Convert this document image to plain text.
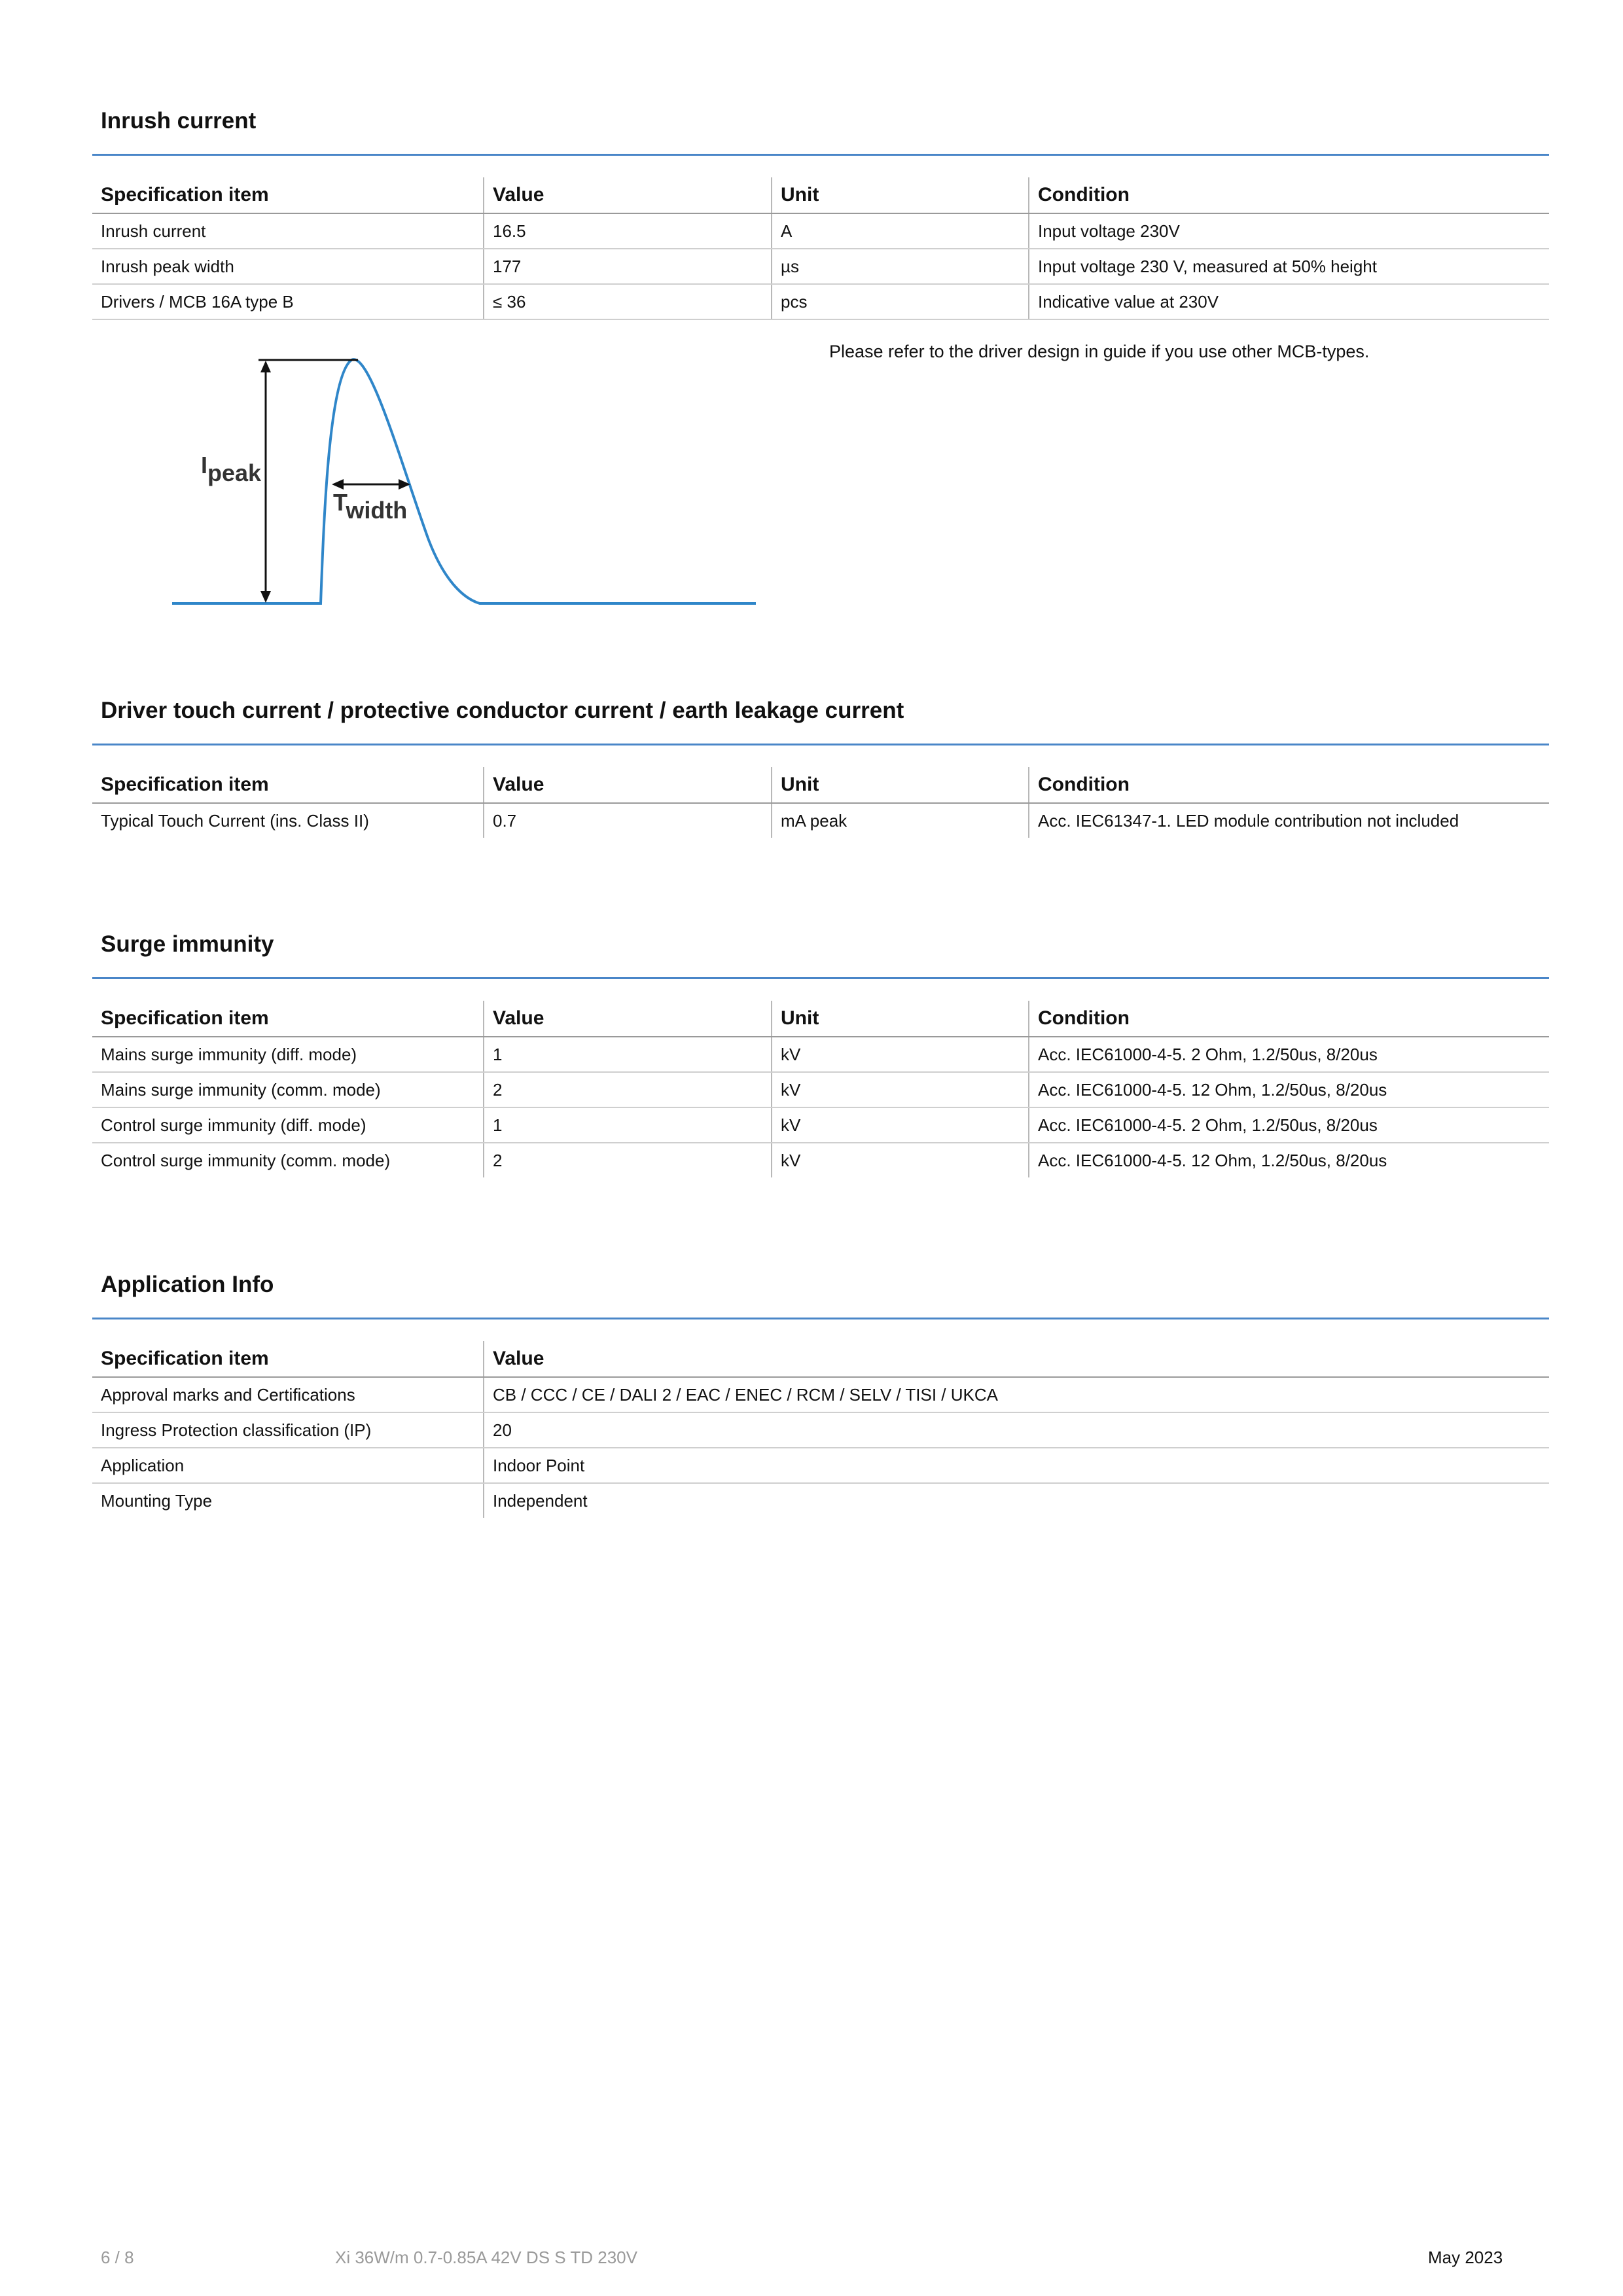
Inrush current
Specification item	Value	Unit	Condition
Inrush current	16.5	A	Input voltage 230V
Inrush peak width	177	µs	Input voltage 230 V, measured at 50% height
Drivers / MCB 16A type B	≤ 36	pcs	Indicative value at 230V
Ipeak
Twidth
Please refer to the driver design in guide if you use other MCB-types.
Driver touch current / protective conductor current / earth leakage current
Specification item	Value	Unit	Condition
Typical Touch Current (ins. Class II)	0.7	mA peak	Acc. IEC61347-1. LED module contribution not included
Surge immunity
Specification item	Value	Unit	Condition
Mains surge immunity (diff. mode)	1	kV	Acc. IEC61000-4-5. 2 Ohm, 1.2/50us, 8/20us
Mains surge immunity (comm. mode)	2	kV	Acc. IEC61000-4-5. 12 Ohm, 1.2/50us, 8/20us
Control surge immunity (diff. mode)	1	kV	Acc. IEC61000-4-5. 2 Ohm, 1.2/50us, 8/20us
Control surge immunity (comm. mode)	2	kV	Acc. IEC61000-4-5. 12 Ohm, 1.2/50us, 8/20us
Application Info
Specification item	Value
Approval marks and Certifications	CB / CCC / CE / DALI 2 / EAC / ENEC / RCM / SELV / TISI / UKCA
Ingress Protection classification (IP)	20
Application	Indoor Point
Mounting Type	Independent
6 / 8	Xi 36W/m 0.7-0.85A 42V DS S TD 230V	May 2023
